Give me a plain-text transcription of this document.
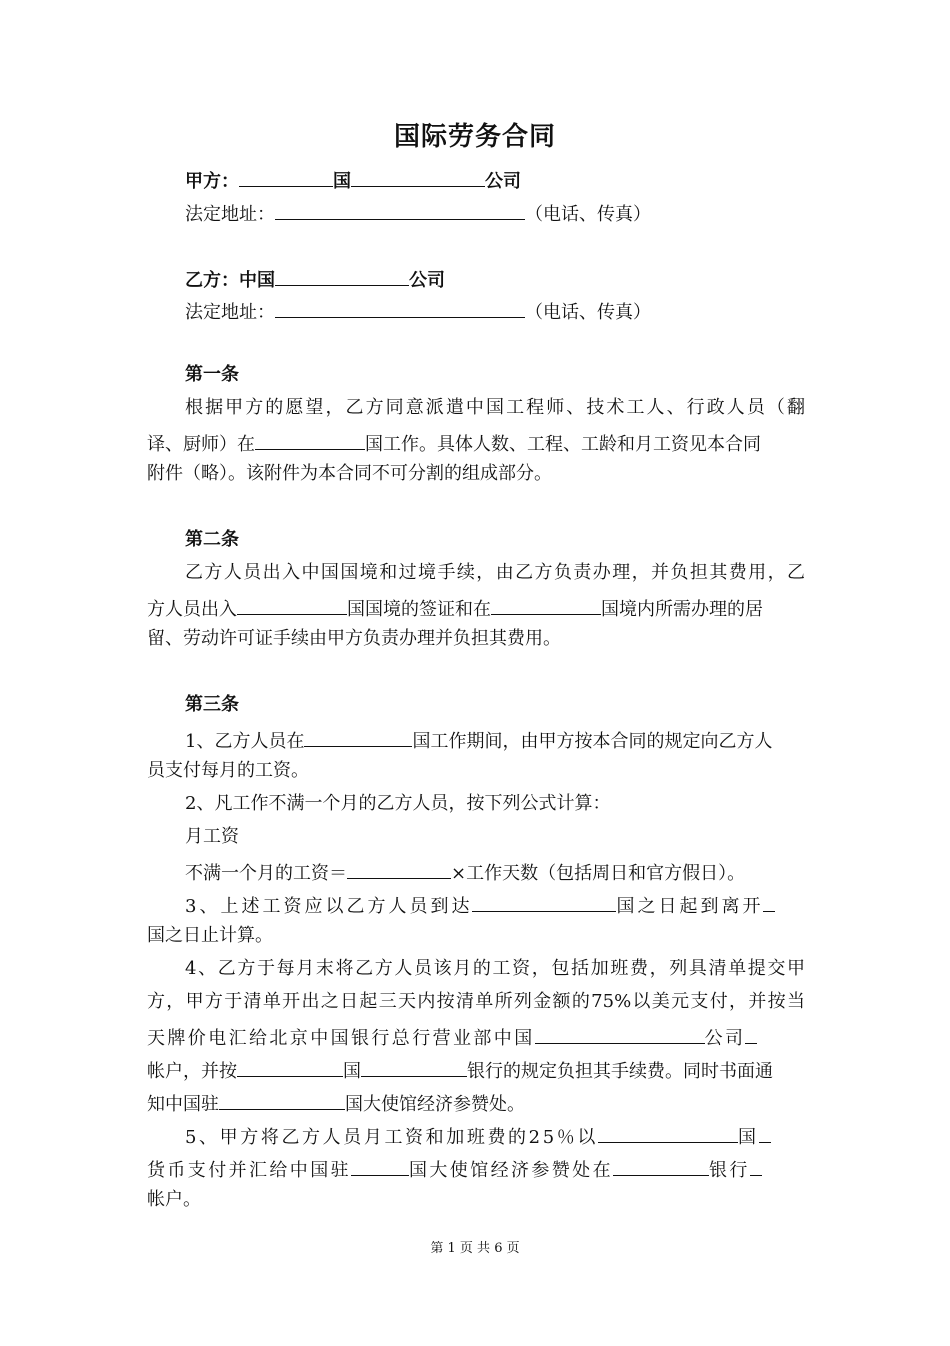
国际劳务合同
甲方：	国	公司
法定地址：	（电话、传真）
乙方：中国	公司
法定地址：	（电话、传真）
第一条
根据甲方的愿望，乙方同意派遣中国工程师、技术工人、行政人员（翻
译、厨师）在	国工作。具体人数、工程、工龄和月工资见本合同
附件（略）。该附件为本合同不可分割的组成部分。
第二条
乙方人员出入中国国境和过境手续，由乙方负责办理，并负担其费用，乙
方人员出入	国国境的签证和在	国境内所需办理的居
留、劳动许可证手续由甲方负责办理并负担其费用。
第三条
1、乙方人员在	国工作期间，由甲方按本合同的规定向乙方人
员支付每月的工资。
2、凡工作不满一个月的乙方人员，按下列公式计算：
月工资
不满一个月的工资＝	×工作天数（包括周日和官方假日）。
3、上述工资应以乙方人员到达	国之日起到离开
国之日止计算。
4、乙方于每月末将乙方人员该月的工资，包括加班费，列具清单提交甲
方，甲方于清单开出之日起三天内按清单所列金额的75%以美元支付，并按当
天牌价电汇给北京中国银行总行营业部中国	公司
帐户，并按	国	银行的规定负担其手续费。同时书面通
知中国驻	国大使馆经济参赞处。
5、甲方将乙方人员月工资和加班费的25％以	国
货币支付并汇给中国驻	国大使馆经济参赞处在	银行
帐户。
第 1 页 共 6 页
